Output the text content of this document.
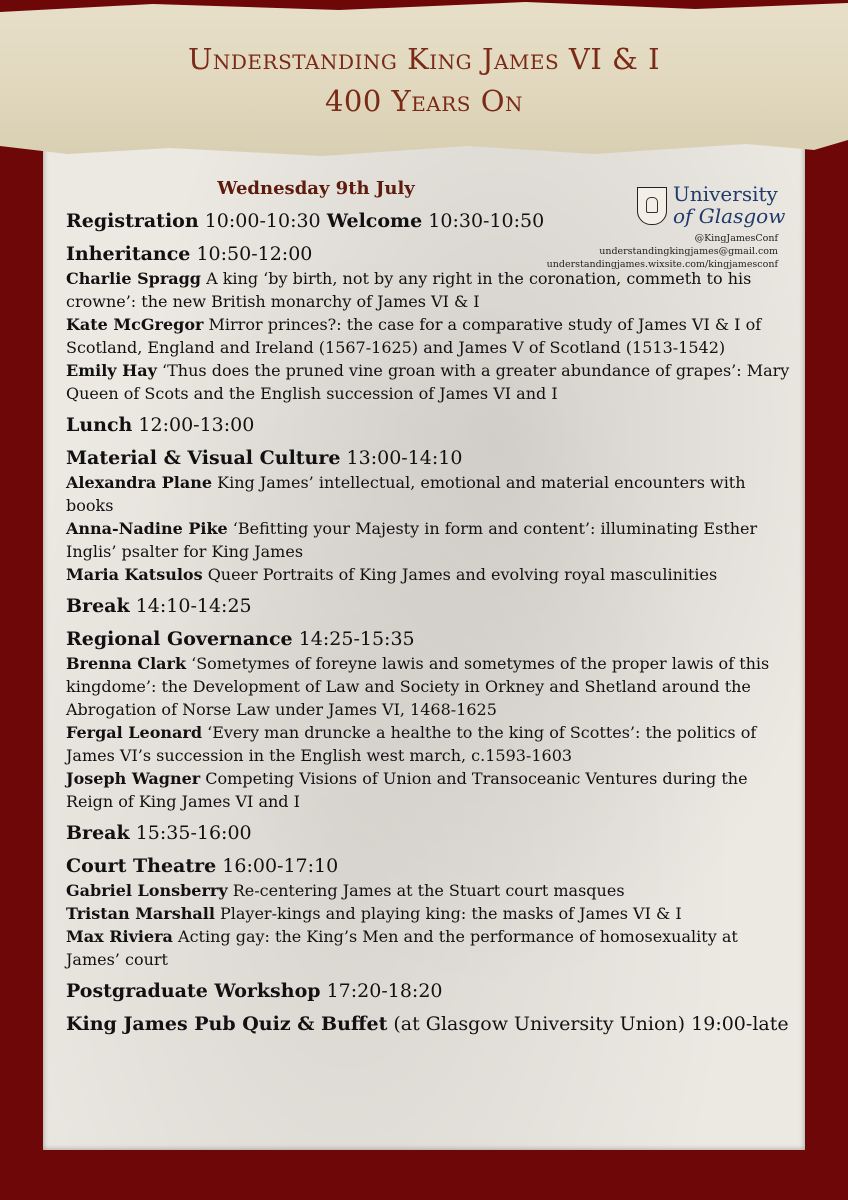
Understanding King James VI & I
400 Years On
University
of Glasgow
@KingJamesConf
understandingkingjames@gmail.com
understandingjames.wixsite.com/kingjamesconf
Wednesday 9th July

Registration 10:00-10:30 Welcome 10:30-10:50

Inheritance 10:50-12:00

Charlie Spragg A king ‘by birth, not by any right in the coronation, commeth to his crowne’: the new British monarchy of James VI & I

Kate McGregor Mirror princes?: the case for a comparative study of James VI & I of Scotland, England and Ireland (1567-1625) and James V of Scotland (1513-1542)

Emily Hay ‘Thus does the pruned vine groan with a greater abundance of grapes’: Mary Queen of Scots and the English succession of James VI and I

Lunch 12:00-13:00

Material & Visual Culture 13:00-14:10

Alexandra Plane King James’ intellectual, emotional and material encounters with books

Anna-Nadine Pike ‘Befitting your Majesty in form and content’: illuminating Esther Inglis’ psalter for King James

Maria Katsulos Queer Portraits of King James and evolving royal masculinities

Break 14:10-14:25

Regional Governance 14:25-15:35

Brenna Clark ‘Sometymes of foreyne lawis and sometymes of the proper lawis of this kingdome’: the Development of Law and Society in Orkney and Shetland around the Abrogation of Norse Law under James VI, 1468-1625

Fergal Leonard ‘Every man druncke a healthe to the king of Scottes’: the politics of James VI’s succession in the English west march, c.1593-1603

Joseph Wagner Competing Visions of Union and Transoceanic Ventures during the Reign of King James VI and I

Break 15:35-16:00

Court Theatre 16:00-17:10

Gabriel Lonsberry Re-centering James at the Stuart court masques

Tristan Marshall Player-kings and playing king: the masks of James VI & I

Max Riviera Acting gay: the King’s Men and the performance of homosexuality at James’ court

Postgraduate Workshop 17:20-18:20

King James Pub Quiz & Buffet (at Glasgow University Union) 19:00-late
